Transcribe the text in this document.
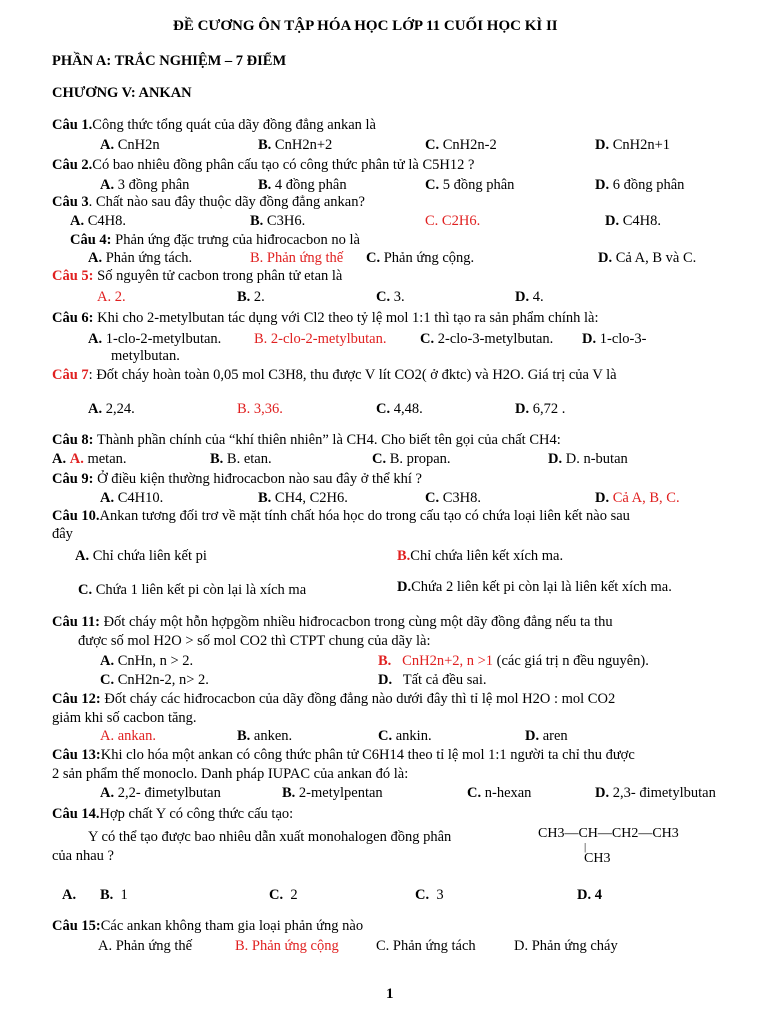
ĐỀ CƯƠNG ÔN TẬP HÓA HỌC LỚP 11 CUỐI HỌC KÌ II
PHẦN A: TRẮC NGHIỆM – 7 ĐIỂM
CHƯƠNG V: ANKAN
Câu 1.Công thức tổng quát của dãy đồng đẳng ankan là
A. CnH2n	B. CnH2n+2	C. CnH2n-2	D. CnH2n+1
Câu 2.Có bao nhiêu đồng phân cấu tạo có công thức phân tử là C5H12 ?
A. 3 đồng phân	B. 4 đồng phân	C. 5 đồng phân	D. 6 đồng phân
Câu 3. Chất nào sau đây thuộc dãy đồng đẳng ankan?
A. C4H8.	B. C3H6.	C. C2H6.	D. C4H8.
Câu 4: Phản ứng đặc trưng của hiđrocacbon no là
A. Phản ứng tách.	B. Phản ứng thế C. Phản ứng cộng.	D. Cả A, B và C.
Câu 5: Số nguyên tử cacbon trong phân tử etan là
A. 2.	B. 2.	C. 3.	D. 4.
Câu 6: Khi cho 2-metylbutan tác dụng với Cl2 theo tỷ lệ mol 1:1 thì tạo ra sản phẩm chính là:
A. 1-clo-2-metylbutan. B. 2-clo-2-metylbutan. C. 2-clo-3-metylbutan. D. 1-clo-3-
metylbutan.
Câu 7: Đốt cháy hoàn toàn 0,05 mol C3H8, thu được V lít CO2( ở đktc) và H2O. Giá trị của V là
A. 2,24.	B. 3,36.	C. 4,48.	D. 6,72 .
Câu 8: Thành phần chính của “khí thiên nhiên” là CH4. Cho biết tên gọi của chất CH4:
A. A. metan.	B. B. etan.	C. B. propan.	D. D. n-butan
Câu 9: Ở điều kiện thường hiđrocacbon nào sau đây ở thể khí ?
A. C4H10.	B. CH4, C2H6.	C. C3H8.	D. Cả A, B, C.
Câu 10.Ankan tương đối trơ về mặt tính chất hóa học do trong cấu tạo có chứa loại liên kết nào sau
đây
A. Chỉ chứa liên kết pi	B.Chỉ chứa liên kết xích ma.
C. Chứa 1 liên kết pi còn lại là xích ma	D.Chứa 2 liên kết pi còn lại là liên kết xích ma.
Câu 11: Đốt cháy một hỗn hợpgồm nhiều hiđrocacbon trong cùng một dãy đồng đẳng nếu ta thu
được số mol H2O > số mol CO2 thì CTPT chung của dãy là:
A. CnHn, n > 2.	B. CnH2n+2, n >1 (các giá trị n đều nguyên).
C. CnH2n-2, n> 2.	D. Tất cả đều sai.
Câu 12: Đốt cháy các hiđrocacbon của dãy đồng đẳng nào dưới đây thì tỉ lệ mol H2O : mol CO2
giảm khi số cacbon tăng.
A. ankan.	B. anken.	C. ankin.	D. aren
Câu 13:Khi clo hóa một ankan có công thức phân tử C6H14 theo tỉ lệ mol 1:1 người ta chỉ thu được
2 sản phẩm thế monoclo. Danh pháp IUPAC của ankan đó là:
A. 2,2- đimetylbutan	B. 2-metylpentan	C. n-hexan	D. 2,3- đimetylbutan
Câu 14.Hợp chất Y có công thức cấu tạo:
Y có thể tạo được bao nhiêu dẫn xuất monohalogen đồng phân
của nhau ?
CH3—CH—CH2—CH3
|
CH3
A. B. 1	C. 2	C. 3	D. 4
Câu 15:Các ankan không tham gia loại phản ứng nào
A. Phản ứng thế	B. Phản ứng cộng	C. Phản ứng tách	D. Phản ứng cháy
1
